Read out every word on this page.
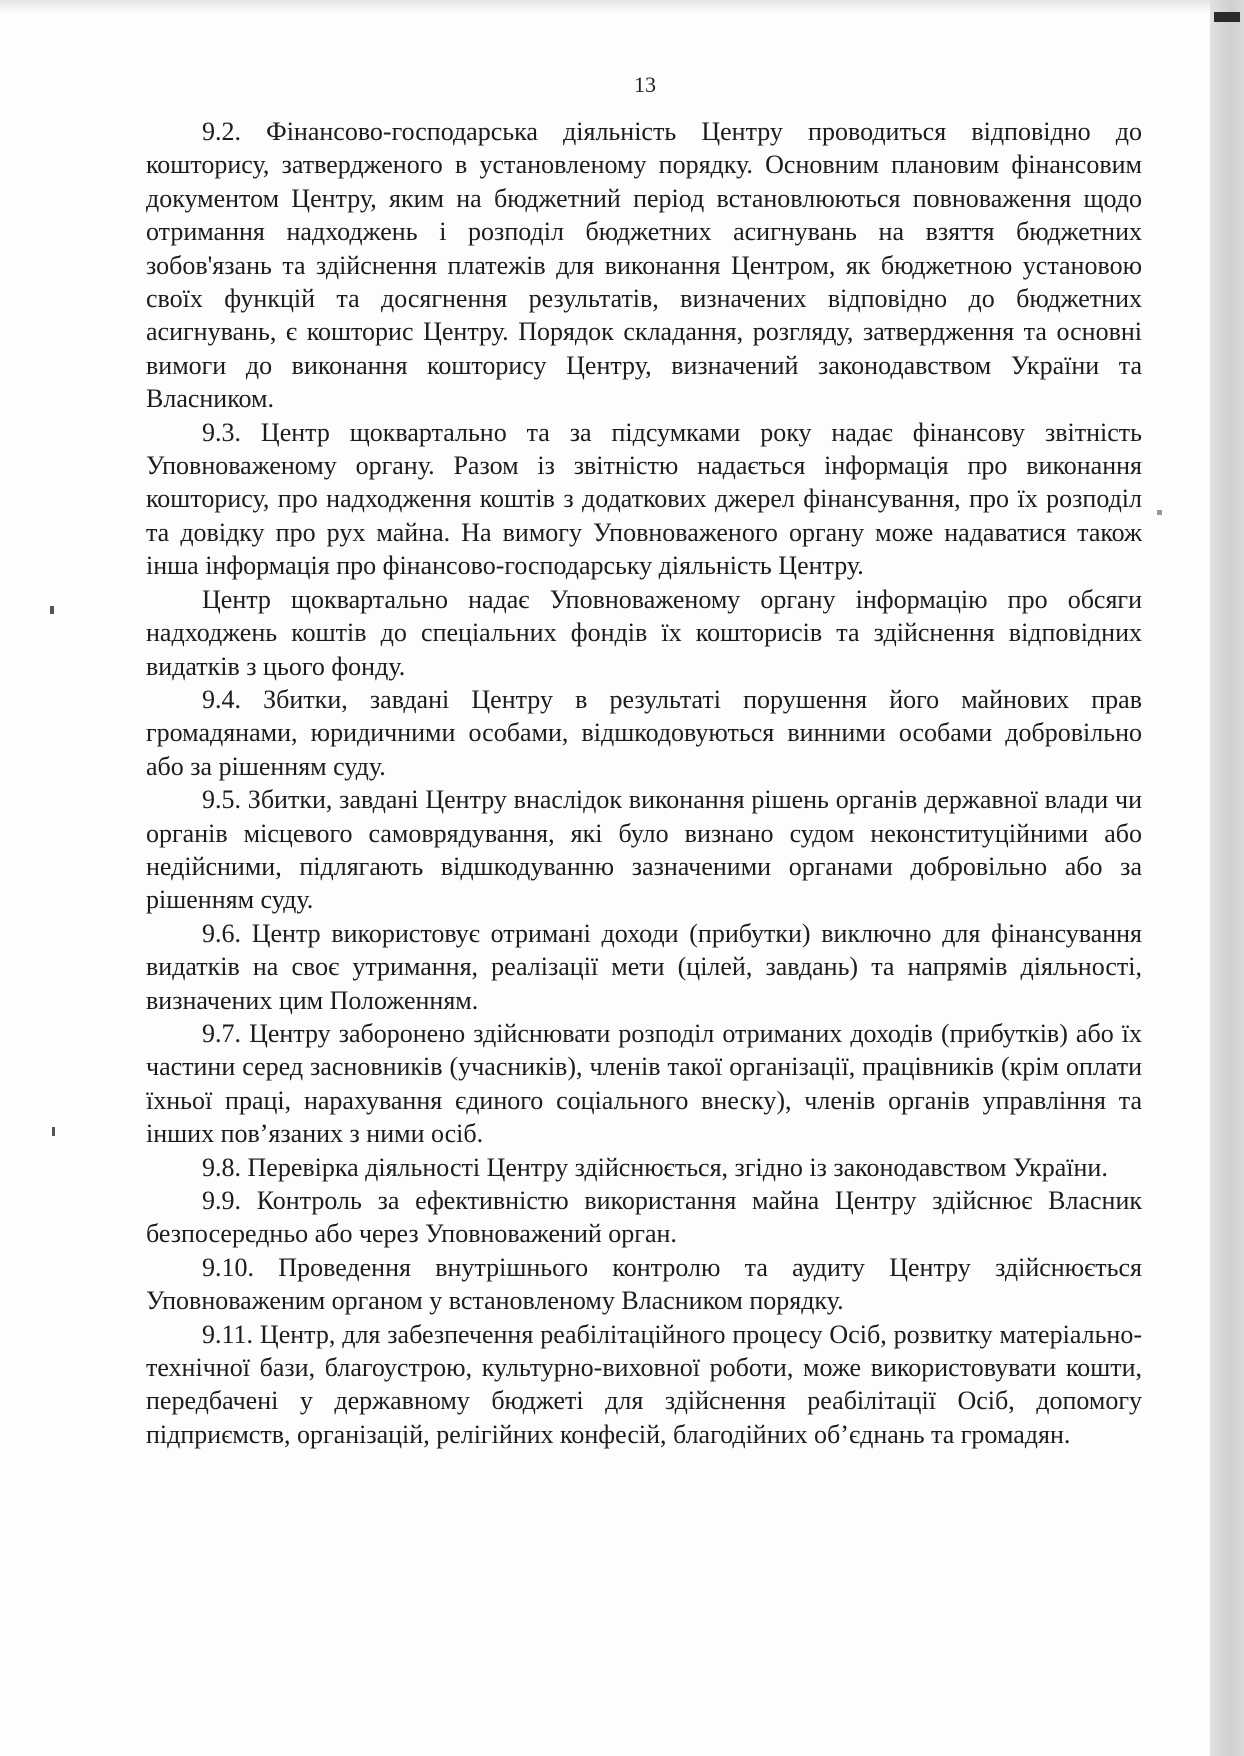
13

9.2. Фінансово-господарська діяльність Центру проводиться відповідно до кошторису, затвердженого в установленому порядку. Основним плановим фінансовим документом Центру, яким на бюджетний період встановлюються повноваження щодо отримання надходжень і розподіл бюджетних асигнувань на взяття бюджетних зобов'язань та здійснення платежів для виконання Центром, як бюджетною установою своїх функцій та досягнення результатів, визначених відповідно до бюджетних асигнувань, є кошторис Центру. Порядок складання, розгляду, затвердження та основні вимоги до виконання кошторису Центру, визначений законодавством України та Власником.

9.3. Центр щоквартально та за підсумками року надає фінансову звітність Уповноваженому органу. Разом із звітністю надається інформація про виконання кошторису, про надходження коштів з додаткових джерел фінансування, про їх розподіл та довідку про рух майна. На вимогу Уповноваженого органу може надаватися також інша інформація про фінансово-господарську діяльність Центру.

Центр щоквартально надає Уповноваженому органу інформацію про обсяги надходжень коштів до спеціальних фондів їх кошторисів та здійснення відповідних видатків з цього фонду.

9.4. Збитки, завдані Центру в результаті порушення його майнових прав громадянами, юридичними особами, відшкодовуються винними особами добровільно або за рішенням суду.

9.5. Збитки, завдані Центру внаслідок виконання рішень органів державної влади чи органів місцевого самоврядування, які було визнано судом неконституційними або недійсними, підлягають відшкодуванню зазначеними органами добровільно або за рішенням суду.

9.6. Центр використовує отримані доходи (прибутки) виключно для фінансування видатків на своє утримання, реалізації мети (цілей, завдань) та напрямів діяльності, визначених цим Положенням.

9.7. Центру заборонено здійснювати розподіл отриманих доходів (прибутків) або їх частини серед засновників (учасників), членів такої організації, працівників (крім оплати їхньої праці, нарахування єдиного соціального внеску), членів органів управління та інших пов’язаних з ними осіб.

9.8. Перевірка діяльності Центру здійснюється, згідно із законодавством України.

9.9. Контроль за ефективністю використання майна Центру здійснює Власник безпосередньо або через Уповноважений орган.

9.10. Проведення внутрішнього контролю та аудиту Центру здійснюється Уповноваженим органом у встановленому Власником порядку.

9.11. Центр, для забезпечення реабілітаційного процесу Осіб, розвитку матеріально-технічної бази, благоустрою, культурно-виховної роботи, може використовувати кошти, передбачені у державному бюджеті для здійснення реабілітації Осіб, допомогу підприємств, організацій, релігійних конфесій, благодійних об’єднань та громадян.
